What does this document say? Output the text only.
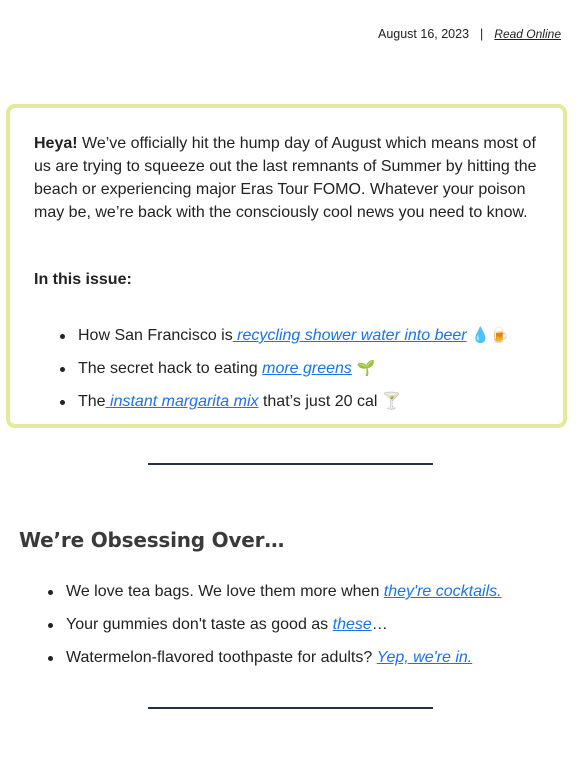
August 16, 2023 | Read Online
Heya! We’ve officially hit the hump day of August which means most of us are trying to squeeze out the last remnants of Summer by hitting the beach or experiencing major Eras Tour FOMO. Whatever your poison may be, we’re back with the consciously cool news you need to know.
In this issue:
How San Francisco is recycling shower water into beer 💧🍺
The secret hack to eating more greens 🌱
The instant margarita mix that’s just 20 cal 🍸
We’re Obsessing Over…
We love tea bags. We love them more when they're cocktails.
Your gummies don't taste as good as these…
Watermelon-flavored toothpaste for adults? Yep, we're in.
